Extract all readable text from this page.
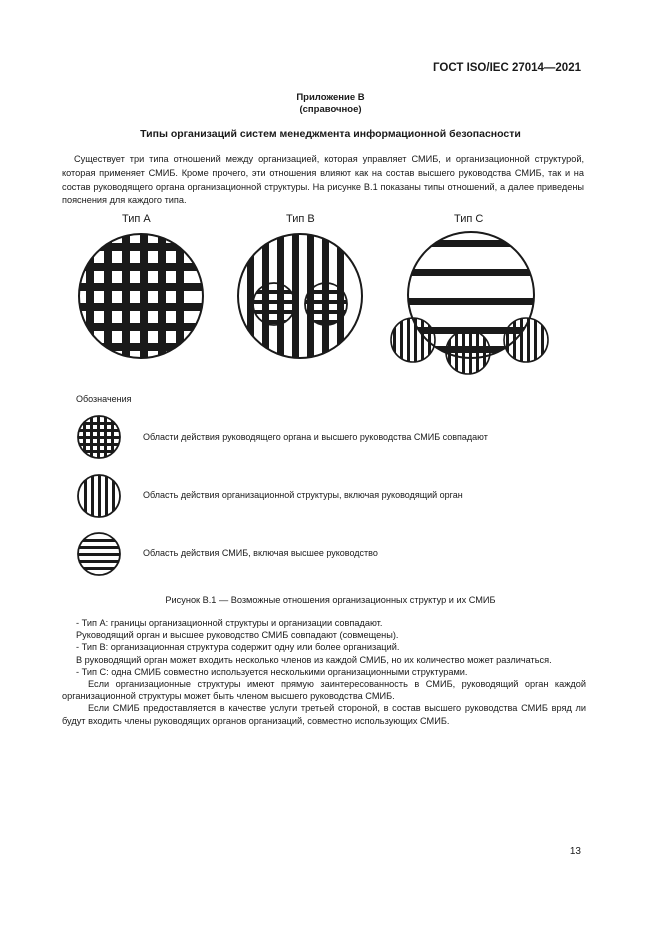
ГОСТ ISO/IEC 27014—2021
Приложение В
(справочное)
Типы организаций систем менеджмента информационной безопасности
Существует три типа отношений между организацией, которая управляет СМИБ, и организационной структурой, которая применяет СМИБ. Кроме прочего, эти отношения влияют как на состав высшего руководства СМИБ, так и на состав руководящего органа организационной структуры. На рисунке В.1 показаны типы отношений, а далее приведены пояснения для каждого типа.
Тип A	Тип B	Тип C
Обозначения
Области действия руководящего органа и высшего руководства СМИБ совпадают
Область действия организационной структуры, включая руководящий орган
Область действия СМИБ, включая высшее руководство
Рисунок В.1 — Возможные отношения организационных структур и их СМИБ
- Тип А: границы организационной структуры и организации совпадают.
Руководящий орган и высшее руководство СМИБ совпадают (совмещены).
- Тип В: организационная структура содержит одну или более организаций.
В руководящий орган может входить несколько членов из каждой СМИБ, но их количество может различаться.
- Тип С: одна СМИБ совместно используется несколькими организационными структурами.
Если организационные структуры имеют прямую заинтересованность в СМИБ, руководящий орган каждой организационной структуры может быть членом высшего руководства СМИБ.
Если СМИБ предоставляется в качестве услуги третьей стороной, в состав высшего руководства СМИБ вряд ли будут входить члены руководящих органов организаций, совместно использующих СМИБ.
13
